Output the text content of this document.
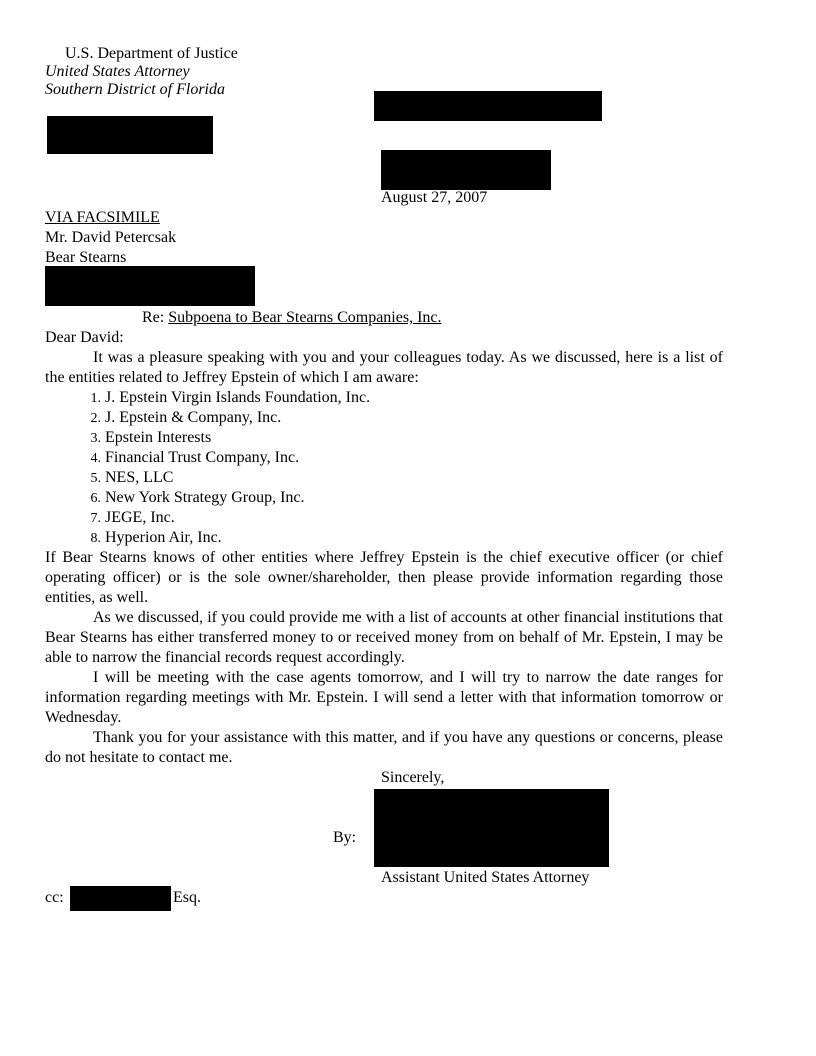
U.S. Department of Justice
United States Attorney
Southern District of Florida
August 27, 2007
VIA FACSIMILE
Mr. David Petercsak
Bear Stearns
Re: Subpoena to Bear Stearns Companies, Inc.
Dear David:

It was a pleasure speaking with you and your colleagues today. As we discussed, here is a list of the entities related to Jeffrey Epstein of which I am aware:

1. J. Epstein Virgin Islands Foundation, Inc.
2. J. Epstein & Company, Inc.
3. Epstein Interests
4. Financial Trust Company, Inc.
5. NES, LLC
6. New York Strategy Group, Inc.
7. JEGE, Inc.
8. Hyperion Air, Inc.

If Bear Stearns knows of other entities where Jeffrey Epstein is the chief executive officer (or chief operating officer) or is the sole owner/shareholder, then please provide information regarding those entities, as well.

As we discussed, if you could provide me with a list of accounts at other financial institutions that Bear Stearns has either transferred money to or received money from on behalf of Mr. Epstein, I may be able to narrow the financial records request accordingly.

I will be meeting with the case agents tomorrow, and I will try to narrow the date ranges for information regarding meetings with Mr. Epstein. I will send a letter with that information tomorrow or Wednesday.

Thank you for your assistance with this matter, and if you have any questions or concerns, please do not hesitate to contact me.

Sincerely,
By:
Assistant United States Attorney
cc:	Esq.
